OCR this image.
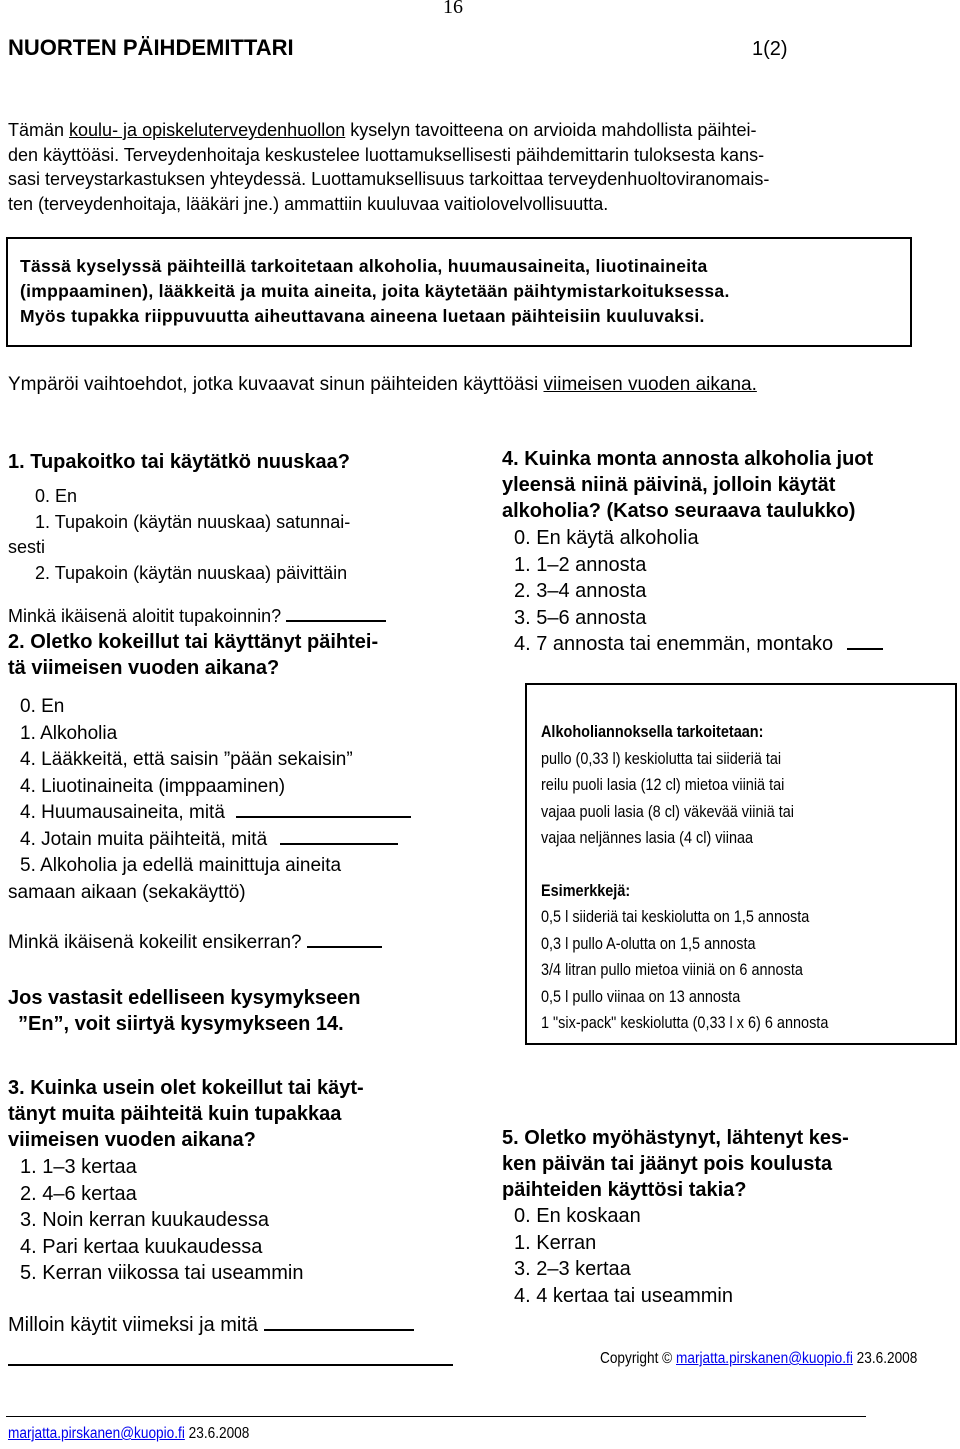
16
NUORTEN PÄIHDEMITTARI	1(2)

Tämän koulu- ja opiskeluterveydenhuollon kyselyn tavoitteena on arvioida mahdollista päihtei-

den käyttöäsi. Terveydenhoitaja keskustelee luottamuksellisesti päihdemittarin tuloksesta kans-

sasi terveystarkastuksen yhteydessä. Luottamuksellisuus tarkoittaa terveydenhuoltoviranomais-

ten (terveydenhoitaja, lääkäri jne.) ammattiin kuuluvaa vaitiolovelvollisuutta.

Tässä kyselyssä päihteillä tarkoitetaan alkoholia, huumausaineita, liuotinaineita
(imppaaminen), lääkkeitä ja muita aineita, joita käytetään päihtymistarkoituksessa.
Myös tupakka riippuvuutta aiheuttavana aineena luetaan päihteisiin kuuluvaksi.
Ympäröi vaihtoehdot, jotka kuvaavat sinun päihteiden käyttöäsi viimeisen vuoden aikana.
1. Tupakoitko tai käytätkö nuuskaa?
0. En
1. Tupakoin (käytän nuuskaa) satunnai-
sesti
2. Tupakoin (käytän nuuskaa) päivittäin
Minkä ikäisenä aloitit tupakoinnin?
2. Oletko kokeillut tai käyttänyt päihtei-
tä viimeisen vuoden aikana?
0. En
1. Alkoholia
4. Lääkkeitä, että saisin ”pään sekaisin”
4. Liuotinaineita (imppaaminen)
4. Huumausaineita, mitä
4. Jotain muita päihteitä, mitä
5. Alkoholia ja edellä mainittuja aineita
samaan aikaan (sekakäyttö)
Minkä ikäisenä kokeilit ensikerran?
Jos vastasit edelliseen kysymykseen
”En”, voit siirtyä kysymykseen 14.
3. Kuinka usein olet kokeillut tai käyt-
tänyt muita päihteitä kuin tupakkaa
viimeisen vuoden aikana?
1. 1–3 kertaa
2. 4–6 kertaa
3. Noin kerran kuukaudessa
4. Pari kertaa kuukaudessa
5. Kerran viikossa tai useammin
Milloin käytit viimeksi ja mitä
4. Kuinka monta annosta alkoholia juot
yleensä niinä päivinä, jolloin käytät
alkoholia? (Katso seuraava taulukko)
0. En käytä alkoholia
1. 1–2 annosta
2. 3–4 annosta
3. 5–6 annosta
4. 7 annosta tai enemmän, montako
Alkoholiannoksella tarkoitetaan:
pullo (0,33 l) keskiolutta tai siideriä tai
reilu puoli lasia (12 cl) mietoa viiniä tai
vajaa puoli lasia (8 cl) väkevää viiniä tai
vajaa neljännes lasia (4 cl) viinaa
Esimerkkejä:
0,5 l siideriä tai keskiolutta on 1,5 annosta
0,3 l pullo A-olutta on 1,5 annosta
3/4 litran pullo mietoa viiniä on 6 annosta
0,5 l pullo viinaa on 13 annosta
1 "six-pack" keskiolutta (0,33 l x 6) 6 annosta
5. Oletko myöhästynyt, lähtenyt kes-
ken päivän tai jäänyt pois koulusta
päihteiden käyttösi takia?
0. En koskaan
1. Kerran
3. 2–3 kertaa
4. 4 kertaa tai useammin
Copyright © marjatta.pirskanen@kuopio.fi 23.6.2008
marjatta.pirskanen@kuopio.fi 23.6.2008
